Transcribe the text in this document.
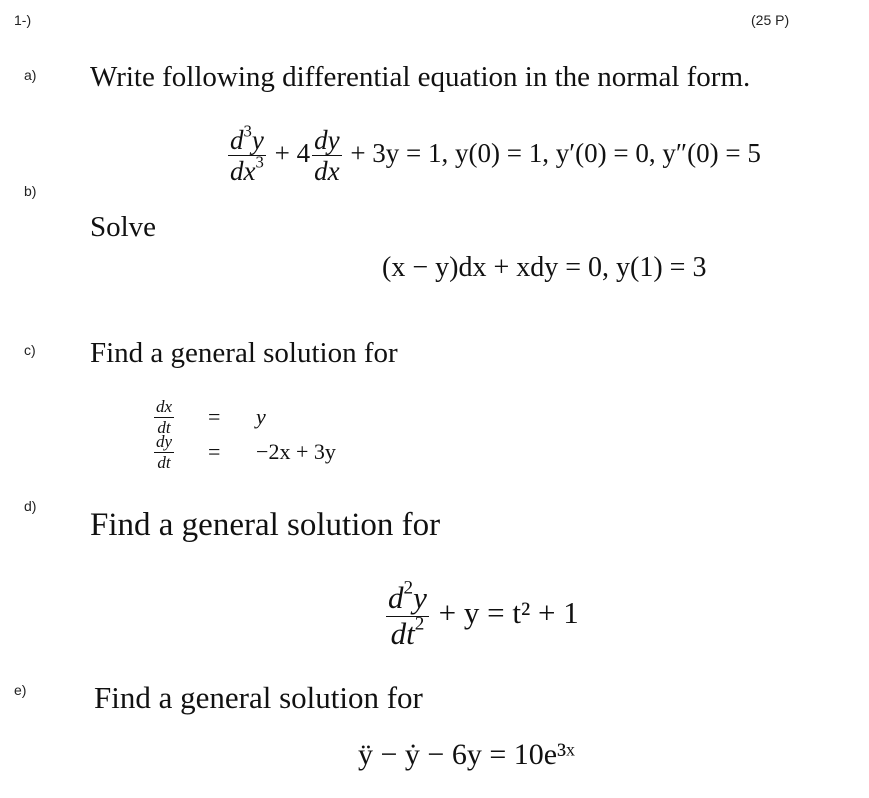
1-)	(25 P)
a) Write following differential equation in the normal form.
$\frac{d^3y}{dx^3} + 4 \frac{dy}{dx} + 3y = 1$, y(0) = 1, y′(0) = 0, y″(0) = 5
b)
Solve
(x − y)dx + xdy = 0, y(1) = 3
c) Find a general solution for
$\frac{dx}{dt}$ =	y
$\frac{dy}{dt}$ =	−2x + 3y
d)
Find a general solution for
$\frac{d^2y}{dt^2} + y = t^2 + 1$
e) Find a general solution for
ÿ − ẏ − 6y = 10e³ˣ
